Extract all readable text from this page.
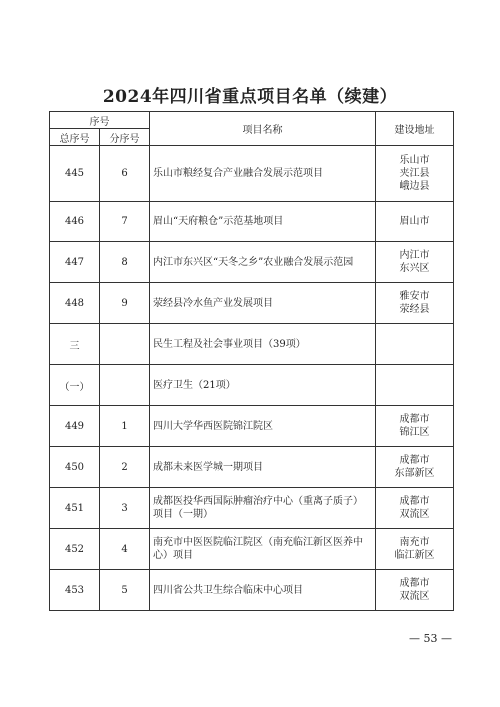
2024年四川省重点项目名单（续建）
序号		项目名称	建设地址
总序号	分序号		
445	6	乐山市粮经复合产业融合发展示范项目	乐山市
夹江县
峨边县

446	7	眉山“天府粮仓”示范基地项目	眉山市

447	8	内江市东兴区“天冬之乡”农业融合发展示范园	内江市
东兴区

448	9	荥经县冷水鱼产业发展项目	雅安市
荥经县

三		民生工程及社会事业项目（39项）	
（一）		医疗卫生（21项）	
449	1	四川大学华西医院锦江院区	成都市
锦江区

450	2	成都未来医学城一期项目	成都市
东部新区

451	3	成都医投华西国际肿瘤治疗中心（重离子质子）项目（一期）	成都市
双流区

452	4	南充市中医医院临江院区（南充临江新区医养中心）项目	南充市
临江新区

453	5	四川省公共卫生综合临床中心项目	成都市
双流区
— 53 —
